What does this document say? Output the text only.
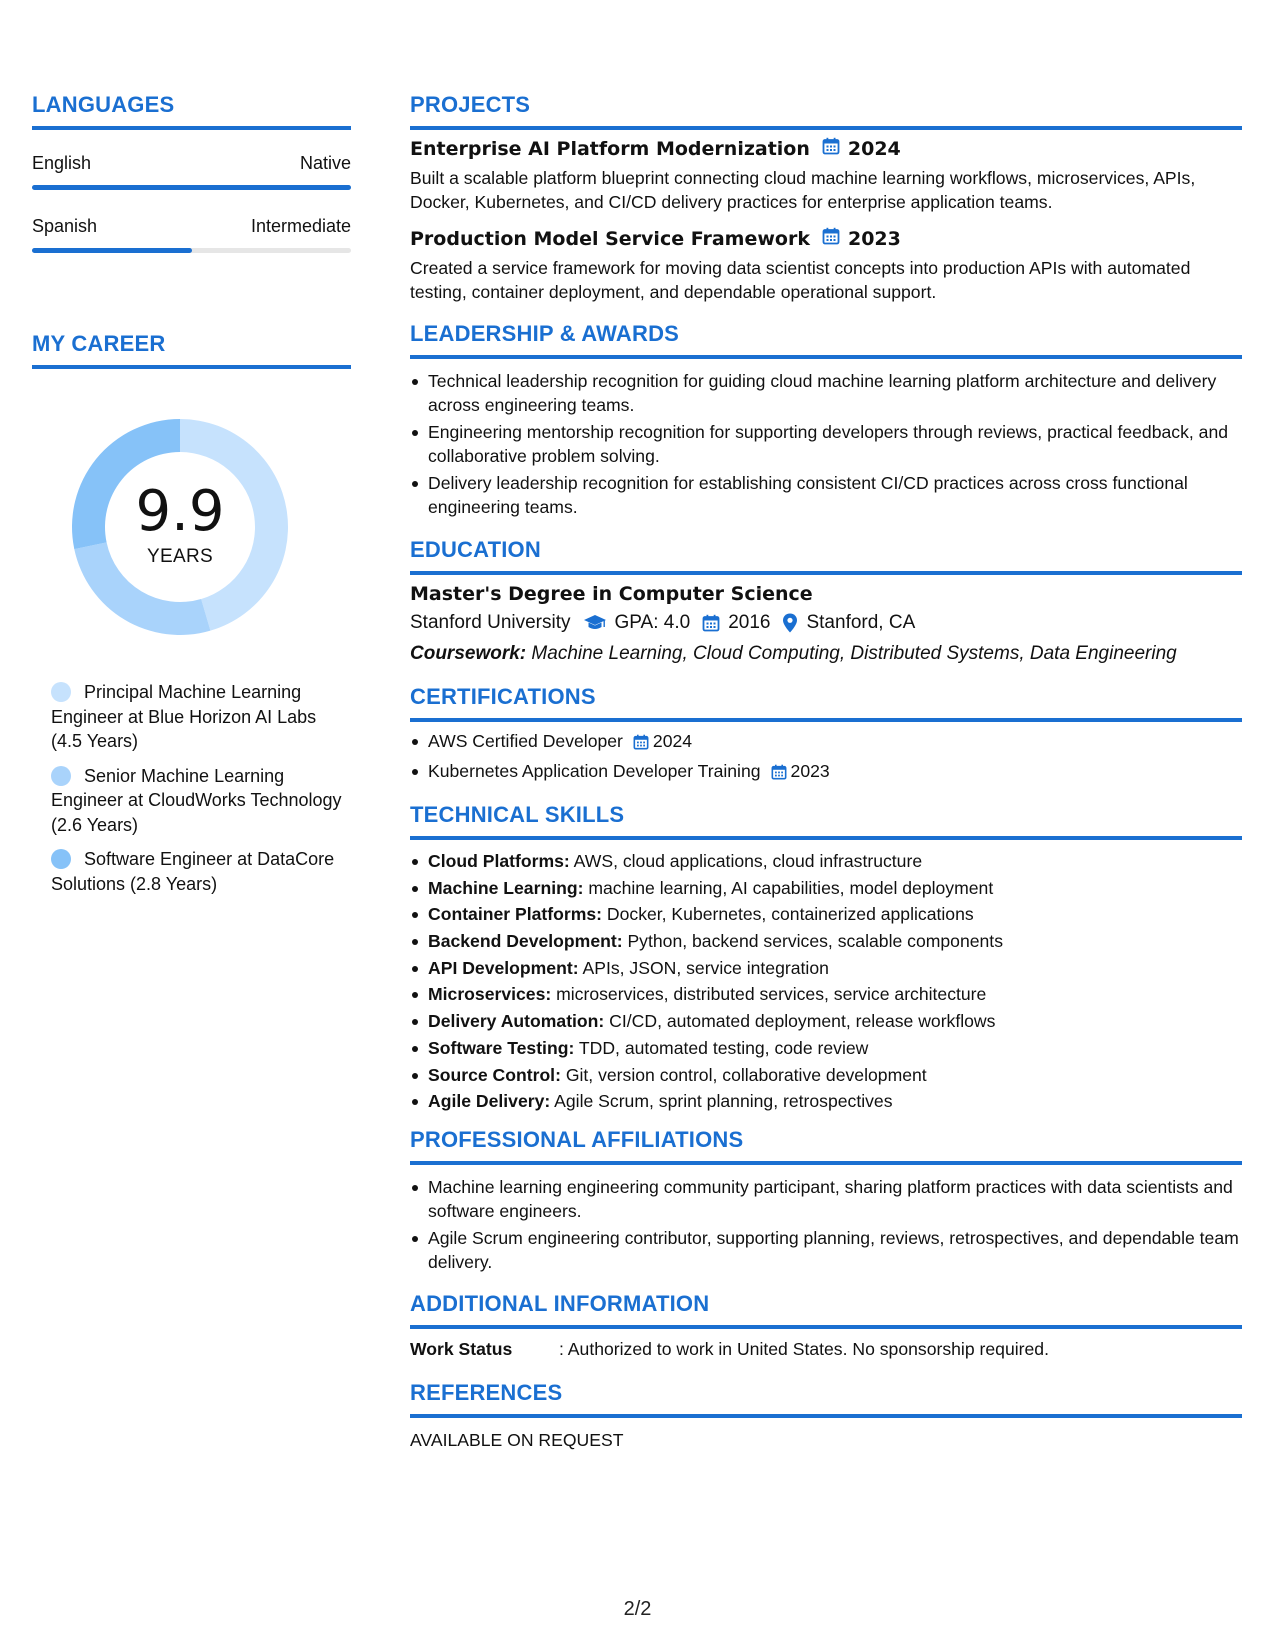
LANGUAGES
English	Native
Spanish	Intermediate
MY CAREER
9.9
YEARS
Principal Machine Learning Engineer at Blue Horizon AI Labs (4.5 Years)
Senior Machine Learning Engineer at CloudWorks Technology (2.6 Years)
Software Engineer at DataCore Solutions (2.8 Years)
PROJECTS
Enterprise AI Platform Modernization 2024
Built a scalable platform blueprint connecting cloud machine learning workflows, microservices, APIs, Docker, Kubernetes, and CI/CD delivery practices for enterprise application teams.
Production Model Service Framework 2023
Created a service framework for moving data scientist concepts into production APIs with automated testing, container deployment, and dependable operational support.
LEADERSHIP & AWARDS
Technical leadership recognition for guiding cloud machine learning platform architecture and delivery across engineering teams.
Engineering mentorship recognition for supporting developers through reviews, practical feedback, and collaborative problem solving.
Delivery leadership recognition for establishing consistent CI/CD practices across cross functional engineering teams.
EDUCATION
Master's Degree in Computer Science
Stanford University GPA: 4.0 2016 Stanford, CA
Coursework: Machine Learning, Cloud Computing, Distributed Systems, Data Engineering
CERTIFICATIONS
AWS Certified Developer 2024
Kubernetes Application Developer Training 2023
TECHNICAL SKILLS
Cloud Platforms: AWS, cloud applications, cloud infrastructure
Machine Learning: machine learning, AI capabilities, model deployment
Container Platforms: Docker, Kubernetes, containerized applications
Backend Development: Python, backend services, scalable components
API Development: APIs, JSON, service integration
Microservices: microservices, distributed services, service architecture
Delivery Automation: CI/CD, automated deployment, release workflows
Software Testing: TDD, automated testing, code review
Source Control: Git, version control, collaborative development
Agile Delivery: Agile Scrum, sprint planning, retrospectives
PROFESSIONAL AFFILIATIONS
Machine learning engineering community participant, sharing platform practices with data scientists and software engineers.
Agile Scrum engineering contributor, supporting planning, reviews, retrospectives, and dependable team delivery.
ADDITIONAL INFORMATION
Work Status	: Authorized to work in United States. No sponsorship required.
REFERENCES
AVAILABLE ON REQUEST
2/2
